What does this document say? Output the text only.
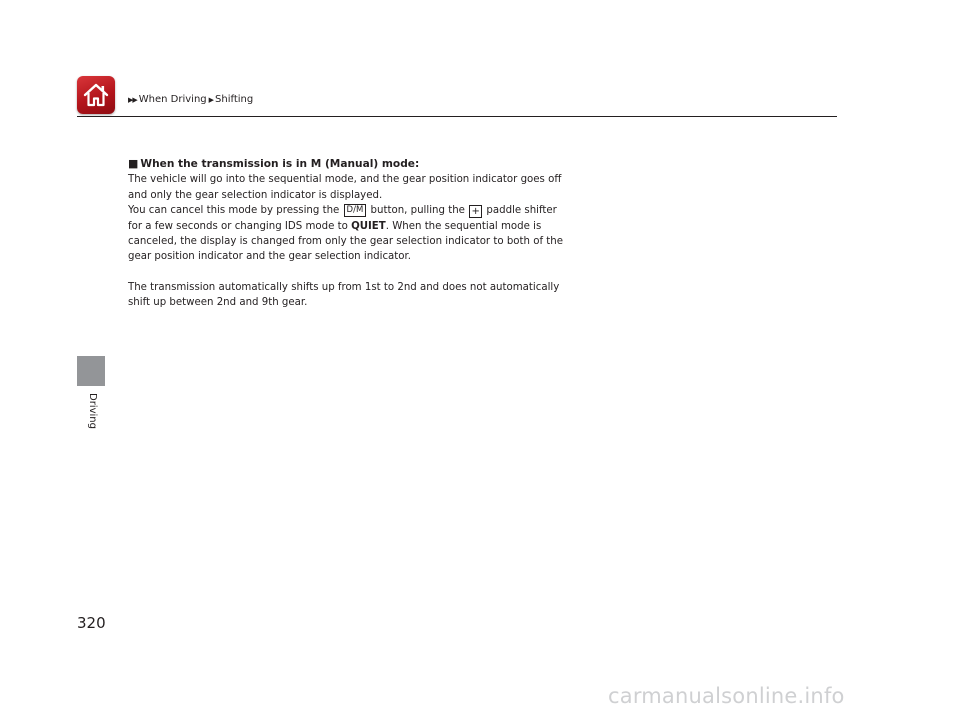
▶▶ When Driving ▶ Shifting
Driving

■ When the transmission is in M (Manual) mode:

The vehicle will go into the sequential mode, and the gear position indicator goes off
and only the gear selection indicator is displayed.
You can cancel this mode by pressing the D/M button, pulling the + paddle shifter
for a few seconds or changing IDS mode to QUIET. When the sequential mode is
canceled, the display is changed from only the gear selection indicator to both of the
gear position indicator and the gear selection indicator.

The transmission automatically shifts up from 1st to 2nd and does not automatically
shift up between 2nd and 9th gear.

320
carmanualsonline.info
